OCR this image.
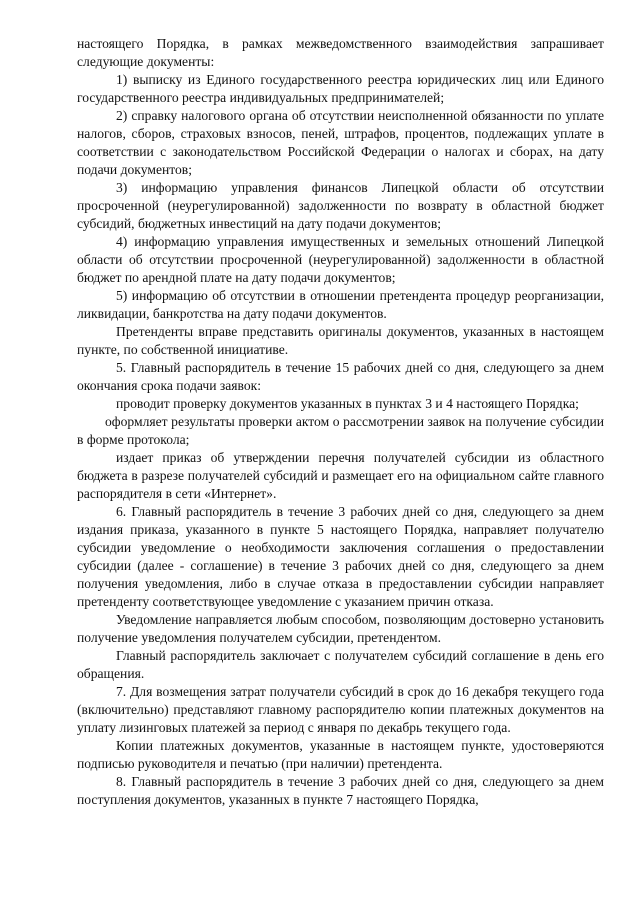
настоящего Порядка, в рамках межведомственного взаимодействия запрашивает следующие документы:

1) выписку из Единого государственного реестра юридических лиц или Единого государственного реестра индивидуальных предпринимателей;

2) справку налогового органа об отсутствии неисполненной обязанности по уплате налогов, сборов, страховых взносов, пеней, штрафов, процентов, подлежащих уплате в соответствии с законодательством Российской Федерации о налогах и сборах, на дату подачи документов;

3) информацию управления финансов Липецкой области об отсутствии просроченной (неурегулированной) задолженности по возврату в областной бюджет субсидий, бюджетных инвестиций на дату подачи документов;

4) информацию управления имущественных и земельных отношений Липецкой области об отсутствии просроченной (неурегулированной) задолженности в областной бюджет по арендной плате на дату подачи документов;

5) информацию об отсутствии в отношении претендента процедур реорганизации, ликвидации, банкротства на дату подачи документов.

Претенденты вправе представить оригиналы документов, указанных в настоящем пункте, по собственной инициативе.

5. Главный распорядитель в течение 15 рабочих дней со дня, следующего за днем окончания срока подачи заявок:

проводит проверку документов указанных в пунктах 3 и 4 настоящего Порядка;

оформляет результаты проверки актом о рассмотрении заявок на получение субсидии в форме протокола;

издает приказ об утверждении перечня получателей субсидии из областного бюджета в разрезе получателей субсидий и размещает его на официальном сайте главного распорядителя в сети «Интернет».

6. Главный распорядитель в течение 3 рабочих дней со дня, следующего за днем издания приказа, указанного в пункте 5 настоящего Порядка, направляет получателю субсидии уведомление о необходимости заключения соглашения о предоставлении субсидии (далее - соглашение) в течение 3 рабочих дней со дня, следующего за днем получения уведомления, либо в случае отказа в предоставлении субсидии направляет претенденту соответствующее уведомление с указанием причин отказа.

Уведомление направляется любым способом, позволяющим достоверно установить получение уведомления получателем субсидии, претендентом.

Главный распорядитель заключает с получателем субсидий соглашение в день его обращения.

7. Для возмещения затрат получатели субсидий в срок до 16 декабря текущего года (включительно) представляют главному распорядителю копии платежных документов на уплату лизинговых платежей за период с января по декабрь текущего года.

Копии платежных документов, указанные в настоящем пункте, удостоверяются подписью руководителя и печатью (при наличии) претендента.

8. Главный распорядитель в течение 3 рабочих дней со дня, следующего за днем поступления документов, указанных в пункте 7 настоящего Порядка,
